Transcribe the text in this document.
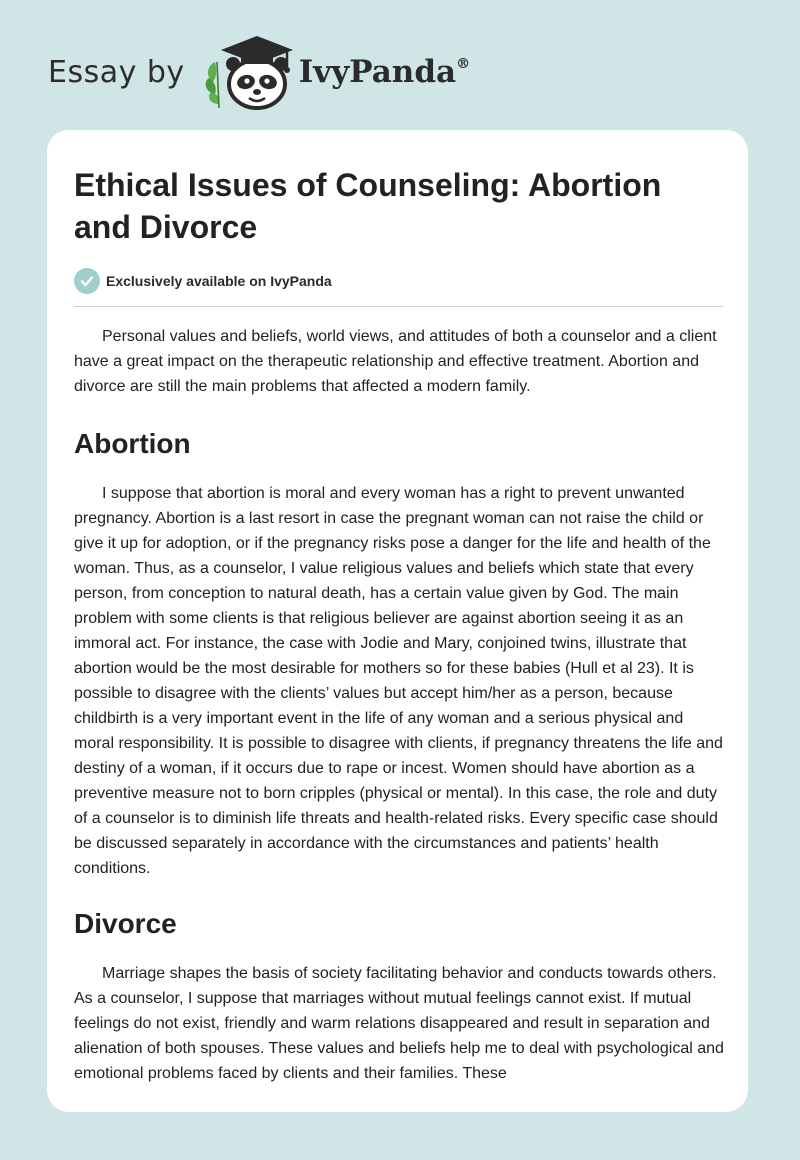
Essay by	IvyPanda®
Ethical Issues of Counseling: Abortion and Divorce
Exclusively available on IvyPanda

Personal values and beliefs, world views, and attitudes of both a counselor and a client have a great impact on the therapeutic relationship and effective treatment. Abortion and divorce are still the main problems that affected a modern family.

Abortion

I suppose that abortion is moral and every woman has a right to prevent unwanted pregnancy. Abortion is a last resort in case the pregnant woman can not raise the child or give it up for adoption, or if the pregnancy risks pose a danger for the life and health of the woman. Thus, as a counselor, I value religious values and beliefs which state that every person, from conception to natural death, has a certain value given by God. The main problem with some clients is that religious believer are against abortion seeing it as an immoral act. For instance, the case with Jodie and Mary, conjoined twins, illustrate that abortion would be the most desirable for mothers so for these babies (Hull et al 23). It is possible to disagree with the clients’ values but accept him/her as a person, because childbirth is a very important event in the life of any woman and a serious physical and moral responsibility. It is possible to disagree with clients, if pregnancy threatens the life and destiny of a woman, if it occurs due to rape or incest. Women should have abortion as a preventive measure not to born cripples (physical or mental). In this case, the role and duty of a counselor is to diminish life threats and health-related risks. Every specific case should be discussed separately in accordance with the circumstances and patients’ health conditions.

Divorce

Marriage shapes the basis of society facilitating behavior and conducts towards others. As a counselor, I suppose that marriages without mutual feelings cannot exist. If mutual feelings do not exist, friendly and warm relations disappeared and result in separation and alienation of both spouses. These values and beliefs help me to deal with psychological and emotional problems faced by clients and their families. These
